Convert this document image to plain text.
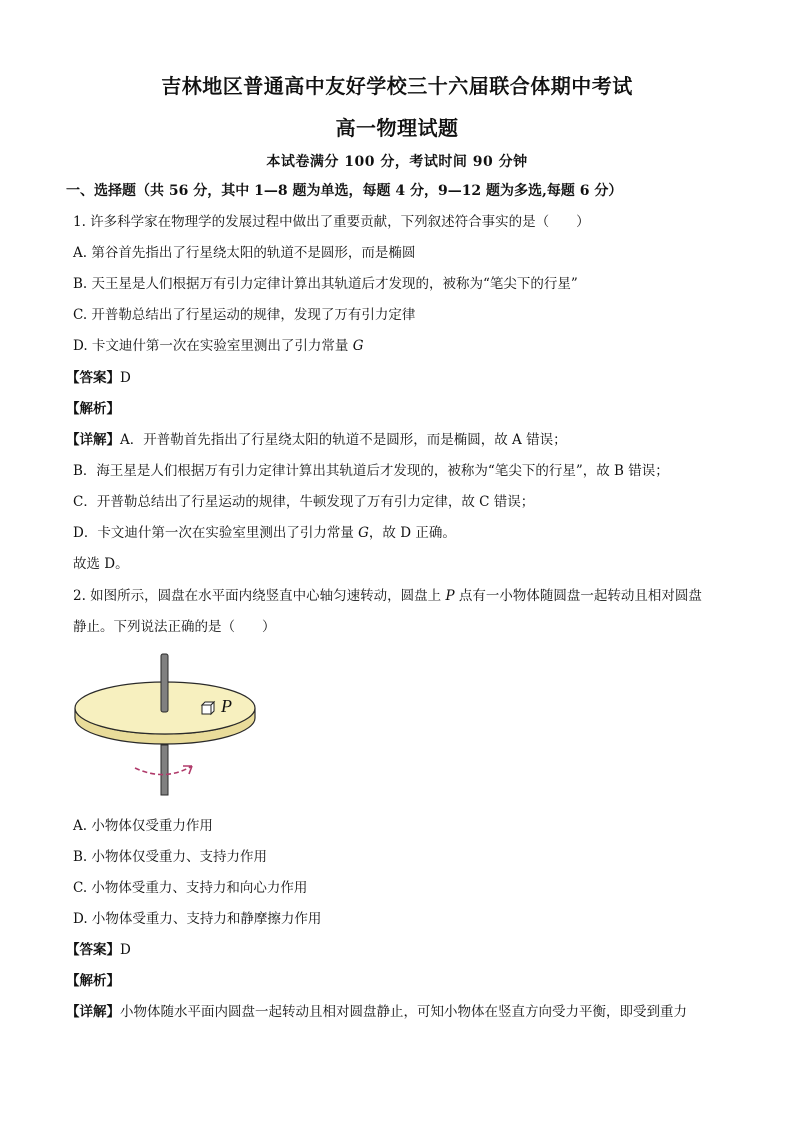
吉林地区普通高中友好学校三十六届联合体期中考试
高一物理试题
本试卷满分 100 分，考试时间 90 分钟
一、选择题（共 56 分，其中 1—8 题为单选，每题 4 分，9—12 题为多选,每题 6 分）
1. 许多科学家在物理学的发展过程中做出了重要贡献，下列叙述符合事实的是（　　）
A. 第谷首先指出了行星绕太阳的轨道不是圆形，而是椭圆
B. 天王星是人们根据万有引力定律计算出其轨道后才发现的，被称为“笔尖下的行星”
C. 开普勒总结出了行星运动的规律，发现了万有引力定律
D. 卡文迪什第一次在实验室里测出了引力常量 G
【答案】D
【解析】
【详解】A．开普勒首先指出了行星绕太阳的轨道不是圆形，而是椭圆，故 A 错误；
B．海王星是人们根据万有引力定律计算出其轨道后才发现的，被称为“笔尖下的行星”，故 B 错误；
C．开普勒总结出了行星运动的规律，牛顿发现了万有引力定律，故 C 错误；
D．卡文迪什第一次在实验室里测出了引力常量 G，故 D 正确。
故选 D。
2. 如图所示，圆盘在水平面内绕竖直中心轴匀速转动，圆盘上 P 点有一小物体随圆盘一起转动且相对圆盘
静止。下列说法正确的是（　　）
P
A. 小物体仅受重力作用
B. 小物体仅受重力、支持力作用
C. 小物体受重力、支持力和向心力作用
D. 小物体受重力、支持力和静摩擦力作用
【答案】D
【解析】
【详解】小物体随水平面内圆盘一起转动且相对圆盘静止，可知小物体在竖直方向受力平衡，即受到重力
